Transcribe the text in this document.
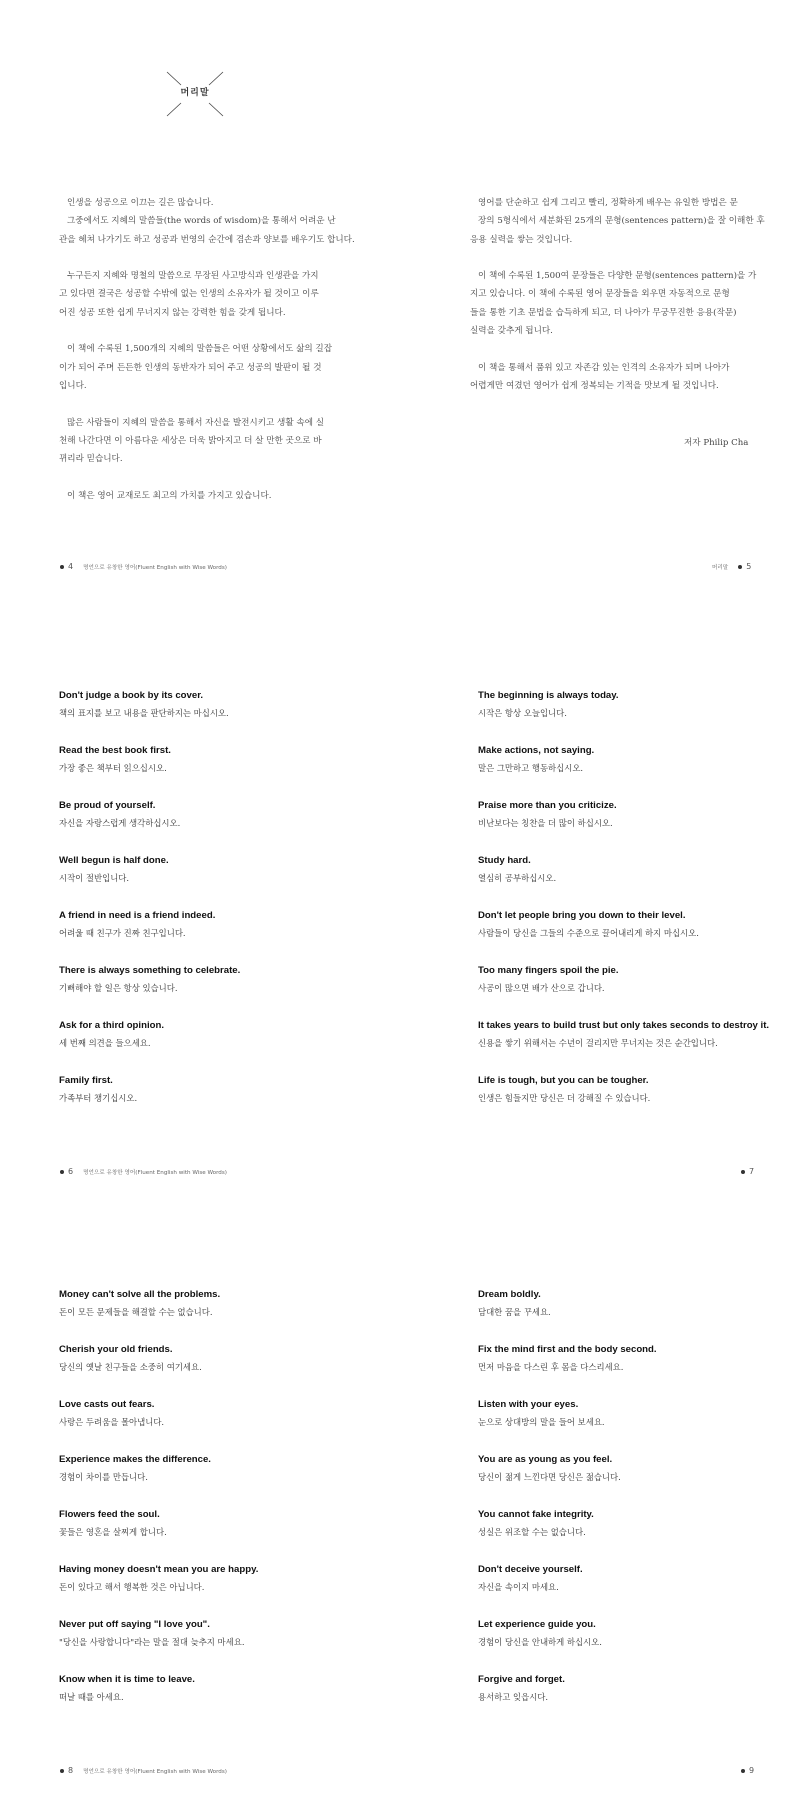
머리말

인생을 성공으로 이끄는 길은 많습니다.
그중에서도 지혜의 말씀들(the words of wisdom)을 통해서 어려운 난
관을 헤쳐 나가기도 하고 성공과 번영의 순간에 겸손과 양보를 배우기도 합니다.

누구든지 지혜와 명철의 말씀으로 무장된 사고방식과 인생관을 가지
고 있다면 결국은 성공할 수밖에 없는 인생의 소유자가 될 것이고 이루
어진 성공 또한 쉽게 무너지지 않는 강력한 힘을 갖게 됩니다.

이 책에 수록된 1,500개의 지혜의 말씀들은 어떤 상황에서도 삶의 길잡
이가 되어 주며 든든한 인생의 동반자가 되어 주고 성공의 발판이 될 것
입니다.

많은 사람들이 지혜의 말씀을 통해서 자신을 발전시키고 생활 속에 실
천해 나간다면 이 아름다운 세상은 더욱 밝아지고 더 살 만한 곳으로 바
뀌리라 믿습니다.

이 책은 영어 교재로도 최고의 가치를 가지고 있습니다.

영어를 단순하고 쉽게 그리고 빨리, 정확하게 배우는 유일한 방법은 문
장의 5형식에서 세분화된 25개의 문형(sentences pattern)을 잘 이해한 후
응용 실력을 쌓는 것입니다.

이 책에 수록된 1,500여 문장들은 다양한 문형(sentences pattern)을 가
지고 있습니다. 이 책에 수록된 영어 문장들을 외우면 자동적으로 문형
들을 통한 기초 문법을 습득하게 되고, 더 나아가 무궁무진한 응용(작문)
실력을 갖추게 됩니다.

이 책을 통해서 품위 있고 자존감 있는 인격의 소유자가 되며 나아가
어렵게만 여겼던 영어가 쉽게 정복되는 기적을 맛보게 될 것입니다.

저자 Philip Cha
4 명언으로 유창한 영어(Fluent English with Wise Words)	머리말 5
Don't judge a book by its cover.
책의 표지를 보고 내용을 판단하지는 마십시오.
Read the best book first.
가장 좋은 책부터 읽으십시오.
Be proud of yourself.
자신을 자랑스럽게 생각하십시오.
Well begun is half done.
시작이 절반입니다.
A friend in need is a friend indeed.
어려울 때 친구가 진짜 친구입니다.
There is always something to celebrate.
기뻐해야 할 일은 항상 있습니다.
Ask for a third opinion.
세 번째 의견을 들으세요.
Family first.
가족부터 챙기십시오.
The beginning is always today.
시작은 항상 오늘입니다.
Make actions, not saying.
말은 그만하고 행동하십시오.
Praise more than you criticize.
비난보다는 칭찬을 더 많이 하십시오.
Study hard.
열심히 공부하십시오.
Don't let people bring you down to their level.
사람들이 당신을 그들의 수준으로 끌어내리게 하지 마십시오.
Too many fingers spoil the pie.
사공이 많으면 배가 산으로 갑니다.
It takes years to build trust but only takes seconds to destroy it.
신용을 쌓기 위해서는 수년이 걸리지만 무너지는 것은 순간입니다.
Life is tough, but you can be tougher.
인생은 힘들지만 당신은 더 강해질 수 있습니다.
6 명언으로 유창한 영어(Fluent English with Wise Words)	7
Money can't solve all the problems.
돈이 모든 문제들을 해결할 수는 없습니다.
Cherish your old friends.
당신의 옛날 친구들을 소중히 여기세요.
Love casts out fears.
사랑은 두려움을 몰아냅니다.
Experience makes the difference.
경험이 차이를 만듭니다.
Flowers feed the soul.
꽃들은 영혼을 살찌게 합니다.
Having money doesn't mean you are happy.
돈이 있다고 해서 행복한 것은 아닙니다.
Never put off saying "I love you".
"당신을 사랑합니다"라는 말을 절대 늦추지 마세요.
Know when it is time to leave.
떠날 때를 아세요.
Dream boldly.
담대한 꿈을 꾸세요.
Fix the mind first and the body second.
먼저 마음을 다스린 후 몸을 다스리세요.
Listen with your eyes.
눈으로 상대방의 말을 들어 보세요.
You are as young as you feel.
당신이 젊게 느낀다면 당신은 젊습니다.
You cannot fake integrity.
성실은 위조할 수는 없습니다.
Don't deceive yourself.
자신을 속이지 마세요.
Let experience guide you.
경험이 당신을 안내하게 하십시오.
Forgive and forget.
용서하고 잊읍시다.
8 명언으로 유창한 영어(Fluent English with Wise Words)	9
